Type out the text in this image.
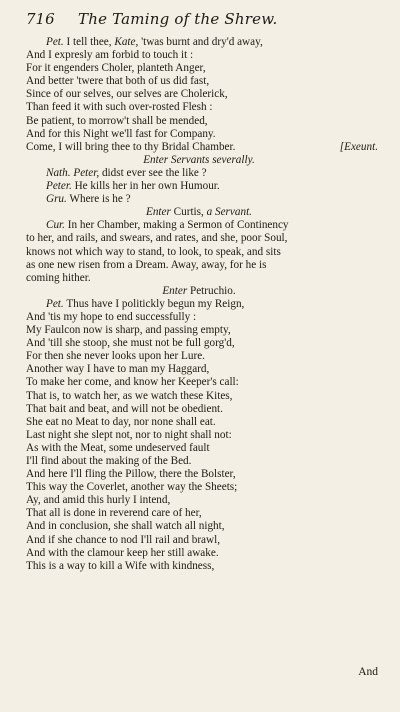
716	The Taming of the Shrew.
Pet. I tell thee, Kate, 'twas burnt and dry'd away,
And I expresly am forbid to touch it :
For it engenders Choler, planteth Anger,
And better 'twere that both of us did fast,
Since of our selves, our selves are Cholerick,
Than feed it with such over-rosted Flesh :
Be patient, to morrow't shall be mended,
And for this Night we'll fast for Company.
Come, I will bring thee to thy Bridal Chamber.	[Exeunt.
Enter Servants severally.
Nath. Peter, didst ever see the like ?
Peter. He kills her in her own Humour.
Gru. Where is he ?
Enter Curtis, a Servant.
Cur. In her Chamber, making a Sermon of Continency
to her, and rails, and swears, and rates, and she, poor Soul,
knows not which way to stand, to look, to speak, and sits
as one new risen from a Dream. Away, away, for he is
coming hither.
Enter Petruchio.
Pet. Thus have I politickly begun my Reign,
And 'tis my hope to end successfully :
My Faulcon now is sharp, and passing empty,
And 'till she stoop, she must not be full gorg'd,
For then she never looks upon her Lure.
Another way I have to man my Haggard,
To make her come, and know her Keeper's call:
That is, to watch her, as we watch these Kites,
That bait and beat, and will not be obedient.
She eat no Meat to day, nor none shall eat.
Last night she slept not, nor to night shall not:
As with the Meat, some undeserved fault
I'll find about the making of the Bed.
And here I'll fling the Pillow, there the Bolster,
This way the Coverlet, another way the Sheets;
Ay, and amid this hurly I intend,
That all is done in reverend care of her,
And in conclusion, she shall watch all night,
And if she chance to nod I'll rail and brawl,
And with the clamour keep her still awake.
This is a way to kill a Wife with kindness,
And
